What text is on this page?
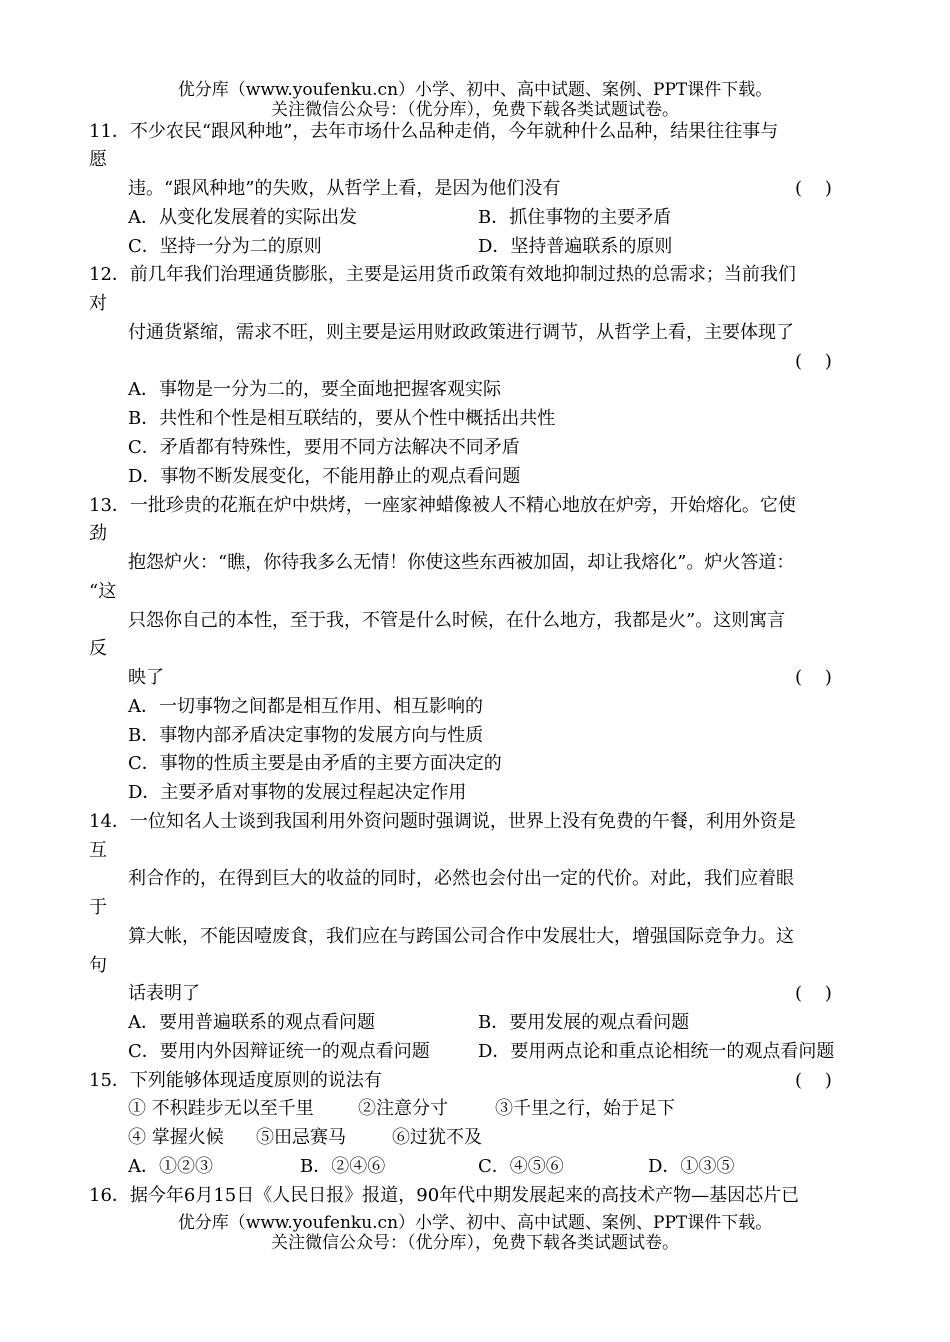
优分库（www.youfenku.cn）小学、初中、高中试题、案例、PPT课件下载。
关注微信公众号：（优分库），免费下载各类试题试卷。
11．不少农民“跟风种地”，去年市场什么品种走俏，今年就种什么品种，结果往往事与
愿
违。“跟风种地”的失败，从哲学上看，是因为他们没有	(    )
A．从变化发展着的实际出发	B．抓住事物的主要矛盾
C．坚持一分为二的原则	D．坚持普遍联系的原则
12．前几年我们治理通货膨胀，主要是运用货币政策有效地抑制过热的总需求；当前我们
对
付通货紧缩，需求不旺，则主要是运用财政政策进行调节，从哲学上看，主要体现了
(    )
A．事物是一分为二的，要全面地把握客观实际
B．共性和个性是相互联结的，要从个性中概括出共性
C．矛盾都有特殊性，要用不同方法解决不同矛盾
D．事物不断发展变化，不能用静止的观点看问题
13．一批珍贵的花瓶在炉中烘烤，一座家神蜡像被人不精心地放在炉旁，开始熔化。它使
劲
抱怨炉火：“瞧，你待我多么无情！你使这些东西被加固，却让我熔化”。炉火答道：
“这
只怨你自己的本性，至于我，不管是什么时候，在什么地方，我都是火”。这则寓言
反
映了	(    )
A．一切事物之间都是相互作用、相互影响的
B．事物内部矛盾决定事物的发展方向与性质
C．事物的性质主要是由矛盾的主要方面决定的
D．主要矛盾对事物的发展过程起决定作用
14．一位知名人士谈到我国利用外资问题时强调说，世界上没有免费的午餐，利用外资是
互
利合作的，在得到巨大的收益的同时，必然也会付出一定的代价。对此，我们应着眼
于
算大帐，不能因噎废食，我们应在与跨国公司合作中发展壮大，增强国际竞争力。这
句
话表明了	(    )
A．要用普遍联系的观点看问题	B．要用发展的观点看问题
C．要用内外因辩证统一的观点看问题	D．要用两点论和重点论相统一的观点看问题
15．下列能够体现适度原则的说法有	(    )
① 不积跬步无以至千里 ②注意分寸	③千里之行，始于足下
④ 掌握火候 ⑤田忌赛马	⑥过犹不及
A．①②③	B．②④⑥	C．④⑤⑥	D．①③⑤
16．据今年6月15日《人民日报》报道，90年代中期发展起来的高技术产物—基因芯片已
优分库（www.youfenku.cn）小学、初中、高中试题、案例、PPT课件下载。
关注微信公众号：（优分库），免费下载各类试题试卷。
